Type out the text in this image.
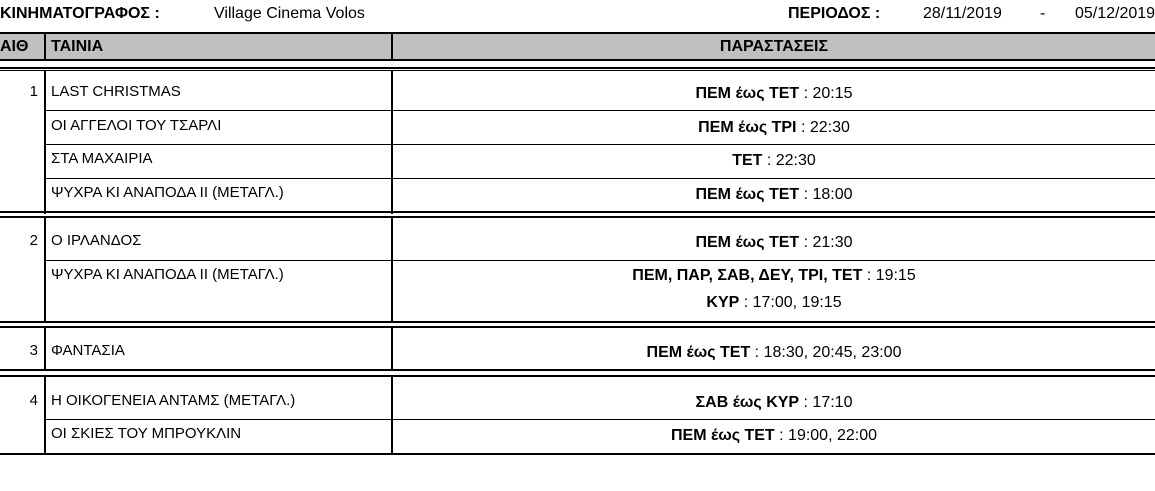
ΚΙΝΗΜΑΤΟΓΡΑΦΟΣ :	Village Cinema Volos	ΠΕΡΙΟΔΟΣ :	28/11/2019 - 05/12/2019
ΑΙΘ ΤΑΙΝΙΑ	ΠΑΡΑΣΤΑΣΕΙΣ
1 LAST CHRISTMAS	ΠΕΜ έως ΤΕΤ : 20:15
ΟΙ ΑΓΓΕΛΟΙ ΤΟΥ ΤΣΑΡΛΙ	ΠΕΜ έως ΤΡΙ : 22:30
ΣΤΑ ΜΑΧΑΙΡΙΑ	ΤΕΤ : 22:30
ΨΥΧΡΑ ΚΙ ΑΝΑΠΟΔΑ ΙΙ (ΜΕΤΑΓΛ.)	ΠΕΜ έως ΤΕΤ : 18:00
2 Ο ΙΡΛΑΝΔΟΣ	ΠΕΜ έως ΤΕΤ : 21:30
ΨΥΧΡΑ ΚΙ ΑΝΑΠΟΔΑ ΙΙ (ΜΕΤΑΓΛ.)	ΠΕΜ, ΠΑΡ, ΣΑΒ, ΔΕΥ, ΤΡΙ, ΤΕΤ : 19:15
ΚΥΡ : 17:00, 19:15
3 ΦΑΝΤΑΣΙΑ	ΠΕΜ έως ΤΕΤ : 18:30, 20:45, 23:00
4 Η ΟΙΚΟΓΕΝΕΙΑ ΑΝΤΑΜΣ (ΜΕΤΑΓΛ.)	ΣΑΒ έως ΚΥΡ : 17:10
ΟΙ ΣΚΙΕΣ ΤΟΥ ΜΠΡΟΥΚΛΙΝ	ΠΕΜ έως ΤΕΤ : 19:00, 22:00
